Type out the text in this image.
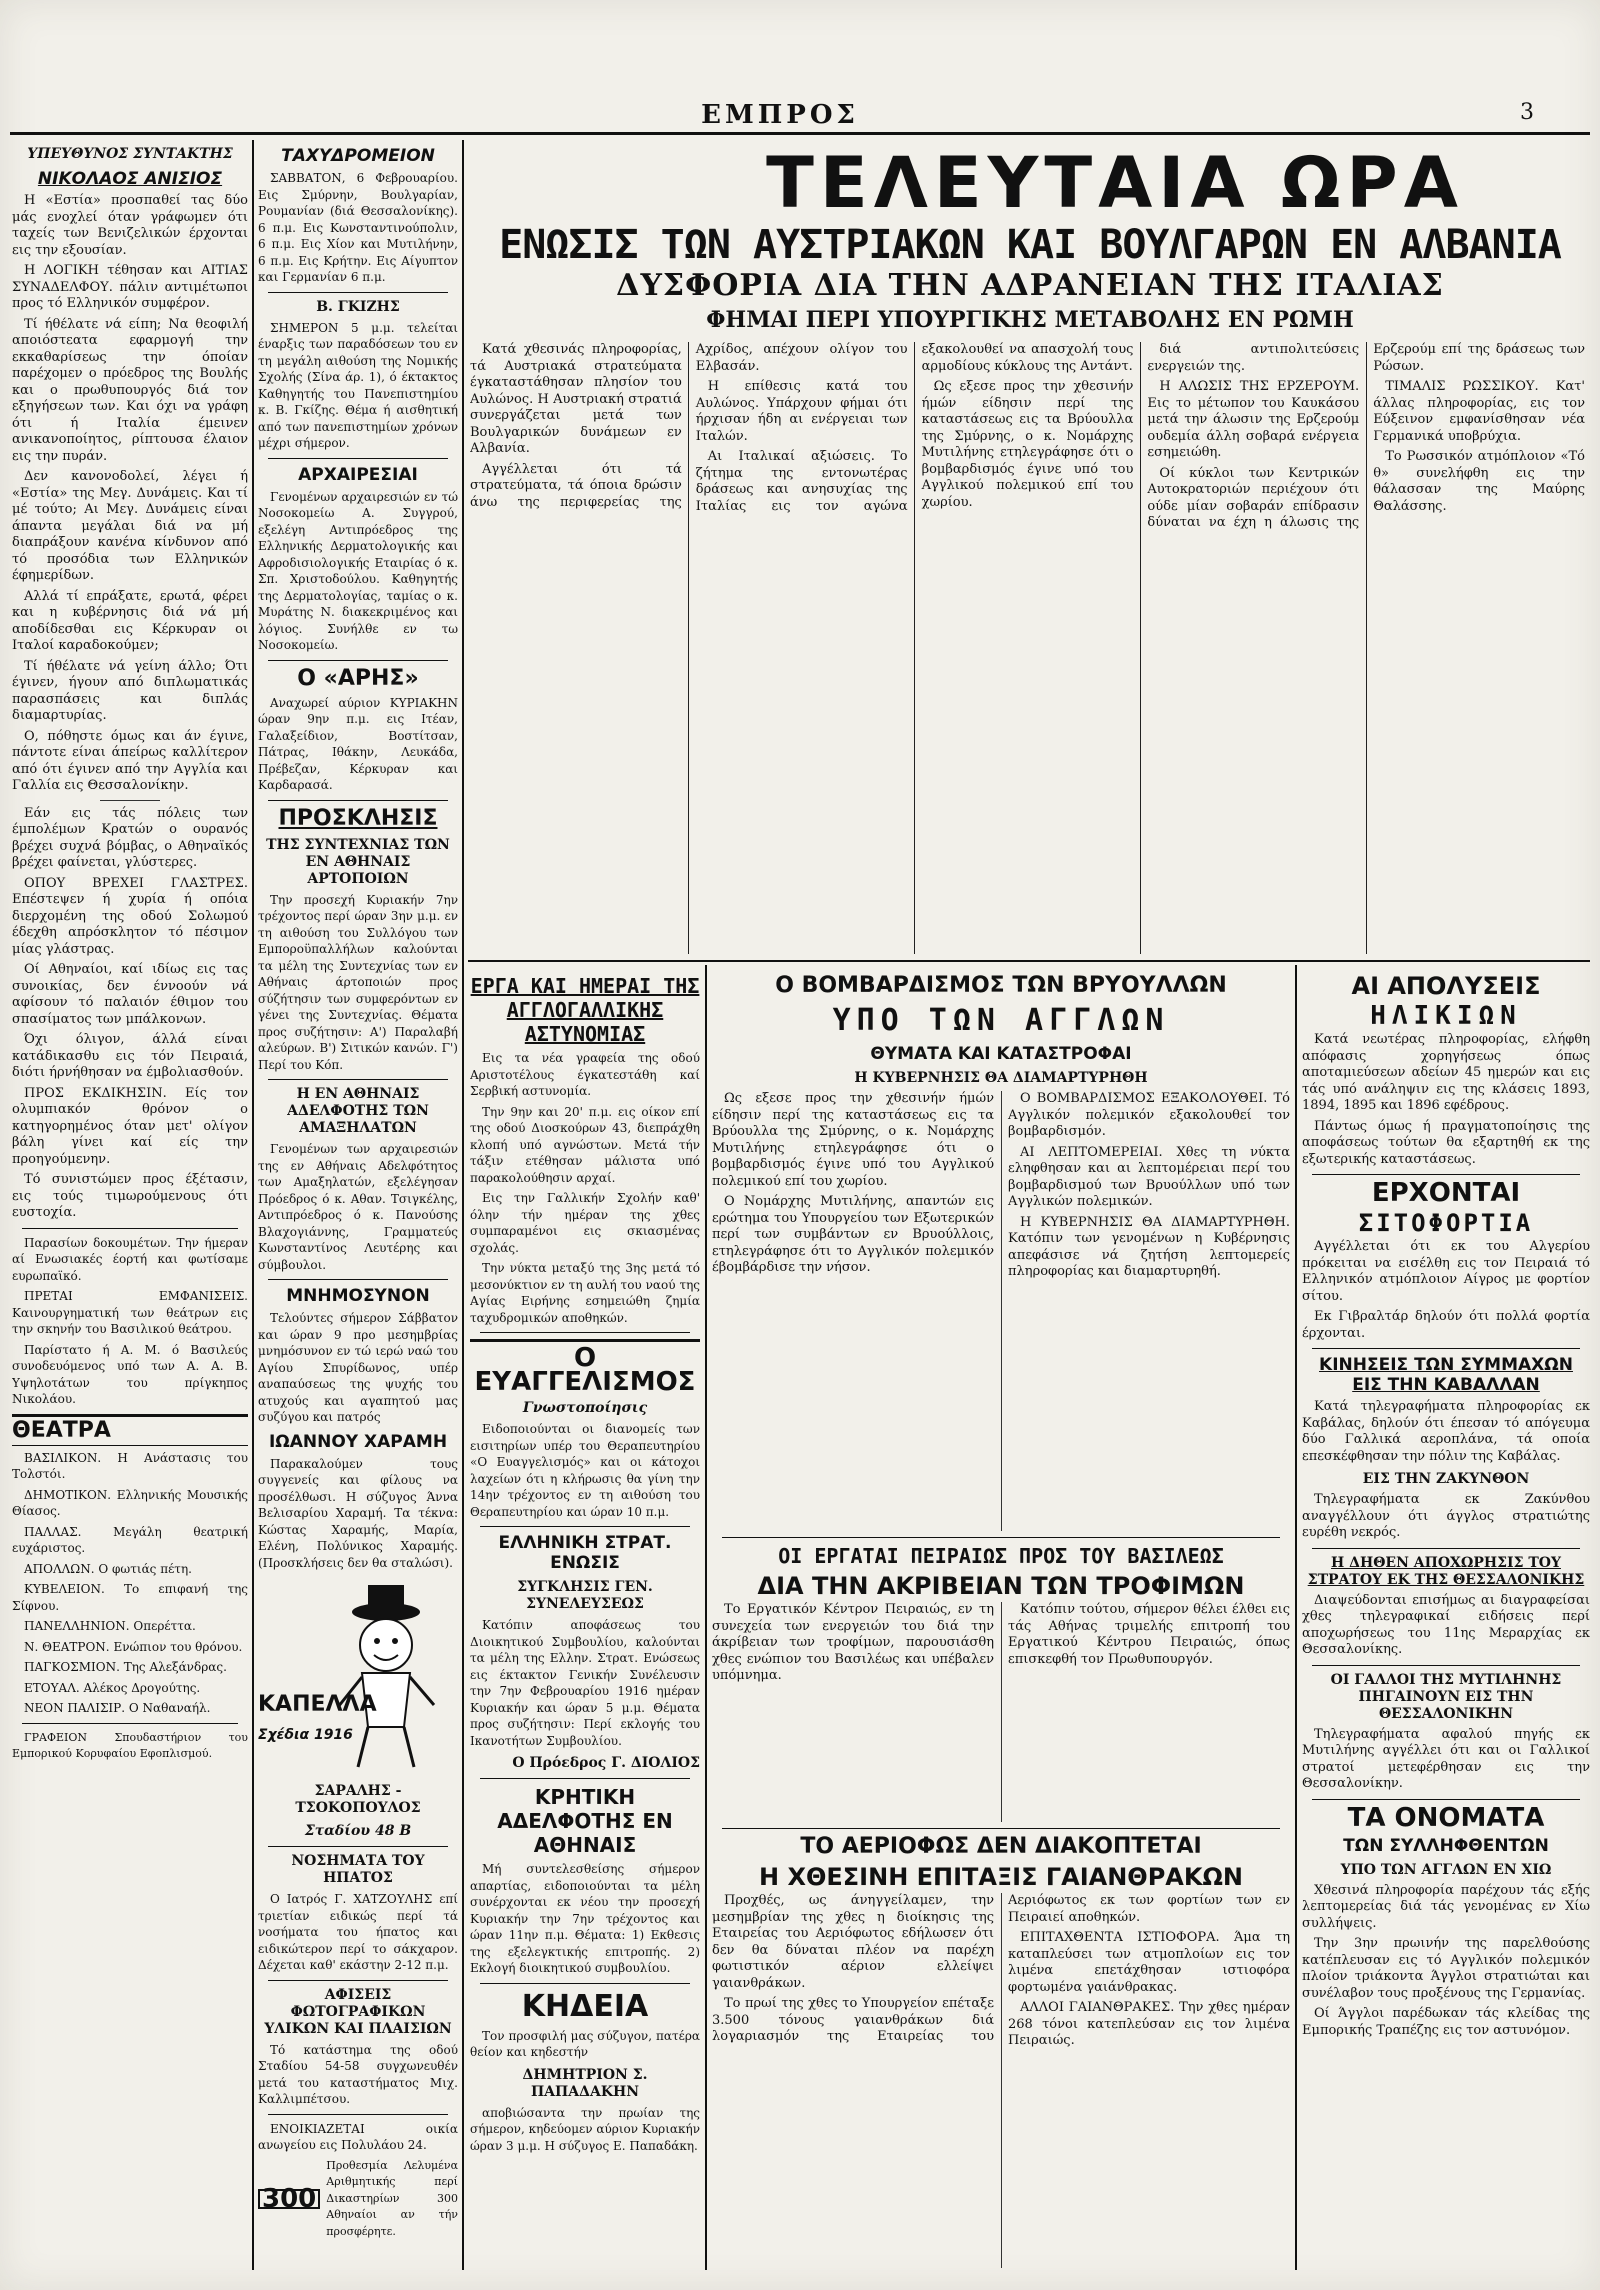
ΕΜΠΡΟΣ	3
ΤΕΛΕΥΤΑΙΑ ΩΡΑ
ΕΝΩΣΙΣ ΤΩΝ ΑΥΣΤΡΙΑΚΩΝ ΚΑΙ ΒΟΥΛΓΑΡΩΝ ΕΝ ΑΛΒΑΝΙΑ
ΔΥΣΦΟΡΙΑ ΔΙΑ ΤΗΝ ΑΔΡΑΝΕΙΑΝ ΤΗΣ ΙΤΑΛΙΑΣ
ΦΗΜΑΙ ΠΕΡΙ ΥΠΟΥΡΓΙΚΗΣ ΜΕΤΑΒΟΛΗΣ ΕΝ ΡΩΜΗ

Κατά χθεσινάς πληροφορίας, τά Αυστριακά στρατεύματα έγκαταστάθησαν πλησίον του Αυλώνος. Η Αυστριακή στρατιά συνεργάζεται μετά των Βουλγαρικών δυνάμεων εν Αλβανία.

Αγγέλλεται ότι τά στρατεύματα, τά όποια δρώσιν άνω της περιφερείας της Αχρίδος, απέχουν ολίγον του Ελβασάν.

Η επίθεσις κατά του Αυλώνος. Υπάρχουν φήμαι ότι ήρχισαν ήδη αι ενέργειαι των Ιταλών.

Αι Ιταλικαί αξιώσεις. Το ζήτημα της εντονωτέρας δράσεως και ανησυχίας της Ιταλίας εις τον αγώνα εξακολουθεί να απασχολή τους αρμοδίους κύκλους της Αντάντ.

Ως εξεσε προς την χθεσινήν ήμών είδησιν περί της καταστάσεως εις τα Βρύουλλα της Σμύρνης, ο κ. Νομάρχης Μυτιλήνης ετηλεγράφησε ότι ο βομβαρδισμός έγινε υπό του Αγγλικού πολεμικού επί του χωρίου.

διά αντιπολιτεύσεις ενεργειών της.

Η ΑΛΩΣΙΣ ΤΗΣ ΕΡΖΕΡΟΥΜ. Εις το μέτωπον του Καυκάσου μετά την άλωσιν της Ερζερούμ ουδεμία άλλη σοβαρά ενέργεια εσημειώθη.

Οί κύκλοι των Κεντρικών Αυτοκρατοριών περιέχουν ότι ούδε μίαν σοβαράν επίδρασιν δύναται να έχη η άλωσις της Ερζερούμ επί της δράσεως των Ρώσων.

ΤΙΜΑΛΙΣ ΡΩΣΣΙΚΟΥ. Κατ' άλλας πληροφορίας, εις τον Εύξεινον εμφανίσθησαν νέα Γερμανικά υποβρύχια.

Το Ρωσσικόν ατμόπλοιον «Τό θ» συνελήφθη εις την θάλασσαν της Μαύρης Θαλάσσης.

ΥΠΕΥΘΥΝΟΣ ΣΥΝΤΑΚΤΗΣ
ΝΙΚΟΛΑΟΣ ΑΝΙΣΙΟΣ

Η «Εστία» προσπαθεί τας δύο μάς ενοχλεί όταν γράφωμεν ότι ταχείς των Βενιζελικών έρχονται εις την εξουσίαν.

Η ΛΟΓΙΚΗ τέθησαν και ΑΙΤΙΑΣ ΣΥΝΑΔΕΛΦΟΥ. πάλιν αντιμέτωποι προς τό Ελληνικόν συμφέρον.

Τί ήθέλατε νά είπη; Να θεοφιλή αποιόστεατα εφαρμογή την εκκαθαρίσεως την όποίαν παρέχομεν ο πρόεδρος της Βουλής και ο πρωθυπουργός διά τον εξηγήσεων των. Και όχι να γράφη ότι ή Ιταλία έμεινεν ανικανοποίητος, ρίπτουσα έλαιον εις την πυράν.

Δεν κανονοδολεί, λέγει ή «Εστία» της Μεγ. Δυνάμεις. Και τί μέ τούτο; Αι Μεγ. Δυνάμεις είναι άπαντα μεγάλαι διά να μή διαπράξουν κανένα κίνδυνον από τό προσόδια των Ελληνικών έφημερίδων.

Αλλά τί επράξατε, ερωτά, φέρει και η κυβέρνησις διά νά μή αποδίδεσθαι εις Κέρκυραν οι Ιταλοί καραδοκούμεν;

Τί ήθέλατε νά γείνη άλλο; Ότι έγινεν, ήγουν από διπλωματικάς παρασπάσεις και διπλάς διαμαρτυρίας.

Ο, πόθηστε όμως και άν έγινε, πάντοτε είναι άπείρως καλλίτερον από ότι έγινεν από την Αγγλία και Γαλλία εις Θεσσαλονίκην.

Εάν εις τάς πόλεις των έμπολέμων Κρατών ο ουρανός βρέχει συχνά βόμβας, ο Αθηναϊκός βρέχει φαίνεται, γλύστερες.

ΟΠΟΥ ΒΡΕΧΕΙ ΓΛΑΣΤΡΕΣ. Επέστεψεν ή χυρία ή οπόια διερχομένη της οδού Σολωμού έδεχθη απρόσκλητον τό πέσιμον μίας γλάστρας.

Οί Αθηναίοι, καί ιδίως εις τας συνοικίας, δεν έννοούν νά αφίσουν τό παλαιόν έθιμον του σπασίματος των μπάλκονων.

Όχι όλιγον, άλλά είναι κατάδικασθυ εις τόν Πειραιά, διότι ήρνήθησαν να έμβολιασθούν.

ΠΡΟΣ ΕΚΔΙΚΗΣΙΝ. Είς τον ολυμπιακόν θρόνον ο κατηγορημένος όταν μετ' ολίγον βάλη γίνει καί είς την προηγούμενην.

Τό συνιστώμεν προς έξέτασιν, εις τούς τιμωρούμενους ότι ευστοχία.

Παρασίων δοκουμέτων. Την ήμεραν αί Ενωσιακές έορτή και φωτίσαμε ευρωπαϊκό.

ΠΡΕΤΑΙ ΕΜΦΑΝΙΣΕΙΣ. Καινουργηματική των θεάτρων εις την σκηνήν του Βασιλικού θεάτρου.

Παρίστατο ή Α. Μ. ό Βασιλεύς συνοδευόμενος υπό των Α. Α. Β. Υψηλοτάτων του πρίγκηπος Νικολάου.

ΘΕΑΤΡΑ

ΒΑΣΙΛΙΚΟΝ. Η Ανάστασις του Τολστόι.

ΔΗΜΟΤΙΚΟΝ. Ελληνικής Μουσικής Θίασος.

ΠΑΛΛΑΣ. Μεγάλη θεατρική ευχάριστος.

ΑΠΟΛΛΩΝ. Ο φωτιάς πέτη.

ΚΥΒΕΛΕΙΟΝ. Το επιφανή της Σίφνου.

ΠΑΝΕΛΛΗΝΙΟΝ. Οπερέττα.

Ν. ΘΕΑΤΡΟΝ. Ενώπιον του θρόνου.

ΠΑΓΚΟΣΜΙΟΝ. Της Αλεξάνδρας.

ΕΤΟΥΑΛ. Αλέκος Δρογούτης.

ΝΕΟΝ ΠΑΛΙΣΙΡ. Ο Ναθαναήλ.

ΓΡΑΦΕΙΟΝ Σπουδαστήριον του Εμπορικού Κορυφαίου Εφοπλισμού.

ΤΑΧΥΔΡΟΜΕΙΟΝ

ΣΑΒΒΑΤΟΝ, 6 Φεβρουαρίου. Εις Σμύρνην, Βουλγαρίαν, Ρουμανίαν (διά Θεσσαλονίκης). 6 π.μ. Εις Κωνσταντινούπολιν, 6 π.μ. Εις Χίον και Μυτιλήνην, 6 π.μ. Εις Κρήτην. Εις Αίγυπτον και Γερμανίαν 6 π.μ.

Β. ΓΚΙΖΗΣ

ΣΗΜΕΡΟΝ 5 μ.μ. τελείται έναρξις των παραδόσεων του εν τη μεγάλη αιθούση της Νομικής Σχολής (Σίνα άρ. 1), ό έκτακτος Καθηγητής του Πανεπιστημίου κ. Β. Γκίζης. Θέμα ή αισθητική από των πανεπιστημίων χρόνων μέχρι σήμερον.

ΑΡΧΑΙΡΕΣΙΑΙ

Γενομένων αρχαιρεσιών εν τώ Νοσοκομείω Α. Συγγρού, εξελέγη Αντιπρόεδρος της Ελληνικής Δερματολογικής και Αφροδισιολογικής Εταιρίας ό κ. Σπ. Χριστοδούλου. Καθηγητής της Δερματολογίας, ταμίας ο κ. Μυράτης Ν. διακεκριμένος και λόγιος. Συνήλθε εν τω Νοσοκομείω.

Ο «ΑΡΗΣ»

Αναχωρεί αύριον ΚΥΡΙΑΚΗΝ ώραν 9ην π.μ. εις Ιτέαν, Γαλαξείδιον, Βοστίτσαν, Πάτρας, Ιθάκην, Λευκάδα, Πρέβεζαν, Κέρκυραν και Καρδαρασά.

ΠΡΟΣΚΛΗΣΙΣ
ΤΗΣ ΣΥΝΤΕΧΝΙΑΣ ΤΩΝ ΕΝ ΑΘΗΝΑΙΣ ΑΡΤΟΠΟΙΩΝ

Την προσεχή Κυριακήν 7ην τρέχοντος περί ώραν 3ην μ.μ. εν τη αιθούση του Συλλόγου των Εμποροϋπαλλήλων καλούνται τα μέλη της Συντεχνίας των εν Αθήναις άρτοποιών προς σύζήτησιν των συμφερόντων εν γένει της Συντεχνίας. Θέματα προς συζήτησιν: Α') Παραλαβή αλεύρων. Β') Σιτικών κανών. Γ') Περί του Κόπ.

Η ΕΝ ΑΘΗΝΑΙΣ ΑΔΕΛΦΟΤΗΣ ΤΩΝ ΑΜΑΞΗΛΑΤΩΝ

Γενομένων των αρχαιρεσιών της εν Αθήναις Αδελφότητος των Αμαξηλατών, εξελέγησαν Πρόεδρος ό κ. Αθαν. Τσιγκέλης, Αντιπρόεδρος ό κ. Πανούσης Βλαχογιάννης, Γραμματεύς Κωνσταντίνος Λευτέρης και σύμβουλοι.

ΜΝΗΜΟΣΥΝΟΝ

Τελούντες σήμερον Σάββατον και ώραν 9 προ μεσημβρίας μνημόσυνον εν τώ ιερώ ναώ του Αγίου Σπυρίδωνος, υπέρ αναπαύσεως της ψυχής του ατυχούς και αγαπητού μας συζύγου και πατρός

ΙΩΑΝΝΟΥ ΧΑΡΑΜΗ

Παρακαλούμεν τους συγγενείς και φίλους να προσέλθωσι. Η σύζυγος Άννα Βελισαρίου Χαραμή. Τα τέκνα: Κώστας Χαραμής, Μαρία, Ελένη, Πολύνικος Χαραμής. (Προσκλήσεις δεν θα σταλώσι).

ΚΑΠΕΛΛΑ
Σχέδια 1916
ΣΑΡΑΛΗΣ - ΤΣΟΚΟΠΟΥΛΟΣ
Σταδίου 48 Β
ΝΟΣΗΜΑΤΑ ΤΟΥ ΗΠΑΤΟΣ

Ο Ιατρός Γ. ΧΑΤΖΟΥΛΗΣ επί τριετίαν ειδικώς περί τά νοσήματα του ήπατος και ειδικώτερον περί το σάκχαρον. Δέχεται καθ' εκάστην 2-12 π.μ.

ΑΦΙΣΕΙΣ ΦΩΤΟΓΡΑΦΙΚΩΝ ΥΛΙΚΩΝ ΚΑΙ ΠΛΑΙΣΙΩΝ

Τό κατάστημα της οδού Σταδίου 54-58 συγχωνευθέν μετά του καταστήματος Μιχ. Καλλιμπέτσου.

ΕΝΟΙΚΙΑΖΕΤΑΙ οικία ανωγείου εις Πολυλάου 24.

300

Προθεσμία Λελυμένα Αριθμητικής περί Δικαστηρίων 300 Αθηναίοι αν τήν προσφέρητε.

ΕΡΓΑ ΚΑΙ ΗΜΕΡΑΙ ΤΗΣ ΑΓΓΛΟΓΑΛΛΙΚΗΣ ΑΣΤΥΝΟΜΙΑΣ

Εις τα νέα γραφεία της οδού Αριστοτέλους έγκατεστάθη καί Σερβική αστυνομία.

Την 9ην και 20' π.μ. εις οίκον επί της οδού Διοσκούρων 43, διεπράχθη κλοπή υπό αγνώστων. Μετά τήν τάξιν ετέθησαν μάλιστα υπό παρακολούθησιν αρχαί.

Εις την Γαλλικήν Σχολήν καθ' όλην τήν ημέραν της χθες συμπαραμένοι εις σκιασμένας σχολάς.

Την νύκτα μεταξύ της 3ης μετά τό μεσονύκτιον εν τη αυλή του ναού της Αγίας Ειρήνης εσημειώθη ζημία ταχυδρομικών αποθηκών.

Ο ΕΥΑΓΓΕΛΙΣΜΟΣ
Γνωστοποίησις

Ειδοποιούνται οι διανομείς των εισιτηρίων υπέρ του Θεραπευτηρίου «Ο Ευαγγελισμός» και οι κάτοχοι λαχείων ότι η κλήρωσις θα γίνη την 14ην τρέχοντος εν τη αιθούση του Θεραπευτηρίου και ώραν 10 π.μ.

ΕΛΛΗΝΙΚΗ ΣΤΡΑΤ. ΕΝΩΣΙΣ
ΣΥΓΚΛΗΣΙΣ ΓΕΝ. ΣΥΝΕΛΕΥΣΕΩΣ

Κατόπιν αποφάσεως του Διοικητικού Συμβουλίου, καλούνται τα μέλη της Ελλην. Στρατ. Ενώσεως εις έκτακτον Γενικήν Συνέλευσιν την 7ην Φεβρουαρίου 1916 ημέραν Κυριακήν και ώραν 5 μ.μ. Θέματα προς συζήτησιν: Περί εκλογής του Ικανοτήτων Συμβουλίου.

Ο Πρόεδρος Γ. ΔΙΟΛΙΟΣ
ΚΡΗΤΙΚΗ ΑΔΕΛΦΟΤΗΣ ΕΝ ΑΘΗΝΑΙΣ

Μή συντελεσθείσης σήμερον απαρτίας, ειδοποιούνται τα μέλη συνέρχονται εκ νέου την προσεχή Κυριακήν την 7ην τρέχοντος και ώραν 11ην π.μ. Θέματα: 1) Εκθεσις της εξελεγκτικής επιτροπής. 2) Εκλογή διοικητικού συμβουλίου.

ΚΗΔΕΙΑ

Τον προσφιλή μας σύζυγον, πατέρα θείον και κηδεστήν

ΔΗΜΗΤΡΙΟΝ Σ. ΠΑΠΑΔΑΚΗΝ

αποβιώσαντα την πρωίαν της σήμερον, κηδεύομεν αύριον Κυριακήν ώραν 3 μ.μ. Η σύζυγος Ε. Παπαδάκη.

Ο ΒΟΜΒΑΡΔΙΣΜΟΣ ΤΩΝ ΒΡΥΟΥΛΛΩΝ
ΥΠΟ ΤΩΝ ΑΓΓΛΩΝ
ΘΥΜΑΤΑ ΚΑΙ ΚΑΤΑΣΤΡΟΦΑΙ
Η ΚΥΒΕΡΝΗΣΙΣ ΘΑ ΔΙΑΜΑΡΤΥΡΗΘΗ

Ως εξεσε προς την χθεσινήν ήμών είδησιν περί της καταστάσεως εις τα Βρύουλλα της Σμύρνης, ο κ. Νομάρχης Μυτιλήνης ετηλεγράφησε ότι ο βομβαρδισμός έγινε υπό του Αγγλικού πολεμικού επί του χωρίου.

Ο Νομάρχης Μυτιλήνης, απαντών εις ερώτημα του Υπουργείου των Εξωτερικών περί των συμβάντων εν Βρυούλλοις, ετηλεγράφησε ότι το Αγγλικόν πολεμικόν έβομβάρδισε την νήσον.

Ο ΒΟΜΒΑΡΔΙΣΜΟΣ ΕΞΑΚΟΛΟΥΘΕΙ. Τό Αγγλικόν πολεμικόν εξακολουθεί τον βομβαρδισμόν.

ΑΙ ΛΕΠΤΟΜΕΡΕΙΑΙ. Χθες τη νύκτα εληφθησαν και αι λεπτομέρειαι περί του βομβαρδισμού των Βρυούλλων υπό των Αγγλικών πολεμικών.

Η ΚΥΒΕΡΝΗΣΙΣ ΘΑ ΔΙΑΜΑΡΤΥΡΗΘΗ. Κατόπιν των γενομένων η Κυβέρνησις απεφάσισε νά ζητήση λεπτομερείς πληροφορίας και διαμαρτυρηθή.

ΟΙ ΕΡΓΑΤΑΙ ΠΕΙΡΑΙΩΣ ΠΡΟΣ ΤΟΥ ΒΑΣΙΛΕΩΣ
ΔΙΑ ΤΗΝ ΑΚΡΙΒΕΙΑΝ ΤΩΝ ΤΡΟΦΙΜΩΝ

Το Εργατικόν Κέντρον Πειραιώς, εν τη συνεχεία των ενεργειών του διά την άκρίβειαν των τροφίμων, παρουσιάσθη χθες ενώπιον του Βασιλέως και υπέβαλεν υπόμνημα.

Κατόπιν τούτου, σήμερον θέλει έλθει εις τάς Αθήνας τριμελής επιτροπή του Εργατικού Κέντρου Πειραιώς, όπως επισκεφθή τον Πρωθυπουργόν.

ΤΟ ΑΕΡΙΟΦΩΣ ΔΕΝ ΔΙΑΚΟΠΤΕΤΑΙ
Η ΧΘΕΣΙΝΗ ΕΠΙΤΑΞΙΣ ΓΑΙΑΝΘΡΑΚΩΝ

Προχθές, ως άνηγγείλαμεν, την μεσημβρίαν της χθες η διοίκησις της Εταιρείας του Αεριόφωτος εδήλωσεν ότι δεν θα δύναται πλέον να παρέχη φωτιστικόν αέριον ελλείψει γαιανθράκων.

Το πρωί της χθες το Υπουργείον επέταξε 3.500 τόνους γαιανθράκων διά λογαριασμόν της Εταιρείας του Αεριόφωτος εκ των φορτίων των εν Πειραιεί αποθηκών.

ΕΠΙΤΑΧΘΕΝΤΑ ΙΣΤΙΟΦΟΡΑ. Άμα τη καταπλεύσει των ατμοπλοίων εις τον λιμένα επετάχθησαν ιστιοφόρα φορτωμένα γαιάνθρακας.

ΑΛΛΟΙ ΓΑΙΑΝΘΡΑΚΕΣ. Την χθες ημέραν 268 τόνοι κατεπλεύσαν εις τον λιμένα Πειραιώς.

ΑΙ ΑΠΟΛΥΣΕΙΣ
ΗΛΙΚΙΩΝ

Κατά νεωτέρας πληροφορίας, ελήφθη απόφασις χορηγήσεως όπως αποταμιεύσεων αδείων 45 ημερών και εις τάς υπό ανάληψιν εις της κλάσεις 1893, 1894, 1895 και 1896 εφέδρους.

Πάντως όμως ή πραγματοποίησις της αποφάσεως τούτων θα εξαρτηθή εκ της εξωτερικής καταστάσεως.

ΕΡΧΟΝΤΑΙ
ΣΙΤΟΦΟΡΤΙΑ

Αγγέλλεται ότι εκ του Αλγερίου πρόκειται να εισέλθη εις τον Πειραιά τό Ελληνικόν ατμόπλοιον Αίγρος με φορτίον σίτου.

Εκ Γιβραλτάρ δηλούν ότι πολλά φορτία έρχονται.

ΚΙΝΗΣΕΙΣ ΤΩΝ ΣΥΜΜΑΧΩΝ ΕΙΣ ΤΗΝ ΚΑΒΑΛΛΑΝ

Κατά τηλεγραφήματα πληροφορίας εκ Καβάλας, δηλούν ότι έπεσαν τό απόγευμα δύο Γαλλικά αεροπλάνα, τά οποία επεσκέφθησαν την πόλιν της Καβάλας.

ΕΙΣ ΤΗΝ ΖΑΚΥΝΘΟΝ

Τηλεγραφήματα εκ Ζακύνθου αναγγέλλουν ότι άγγλος στρατιώτης ευρέθη νεκρός.

Η ΔΗΘΕΝ ΑΠΟΧΩΡΗΣΙΣ ΤΟΥ ΣΤΡΑΤΟΥ ΕΚ ΤΗΣ ΘΕΣΣΑΛΟΝΙΚΗΣ

Διαψεύδονται επισήμως αι διαγραφείσαι χθες τηλεγραφικαί ειδήσεις περί αποχωρήσεως του 11ης Μεραρχίας εκ Θεσσαλονίκης.

ΟΙ ΓΑΛΛΟΙ ΤΗΣ ΜΥΤΙΛΗΝΗΣ ΠΗΓΑΙΝΟΥΝ ΕΙΣ ΤΗΝ ΘΕΣΣΑΛΟΝΙΚΗΝ

Τηλεγραφήματα αφαλού πηγής εκ Μυτιλήνης αγγέλλει ότι και οι Γαλλικοί στρατοί μετεφέρθησαν εις την Θεσσαλονίκην.

ΤΑ ΟΝΟΜΑΤΑ
ΤΩΝ ΣΥΛΛΗΦΘΕΝΤΩΝ
ΥΠΟ ΤΩΝ ΑΓΓΛΩΝ ΕΝ ΧΙΩ

Χθεσινά πληροφορία παρέχουν τάς εξής λεπτομερείας διά τάς γενομένας εν Χίω συλλήψεις.

Την 3ην πρωινήν της παρελθούσης κατέπλευσαν εις τό Αγγλικόν πολεμικόν πλοίον τριάκοντα Άγγλοι στρατιώται και συνέλαβον τους προξένους της Γερμανίας.

Οί Άγγλοι παρέδωκαν τάς κλείδας της Εμπορικής Τραπέζης εις τον αστυνόμον.
